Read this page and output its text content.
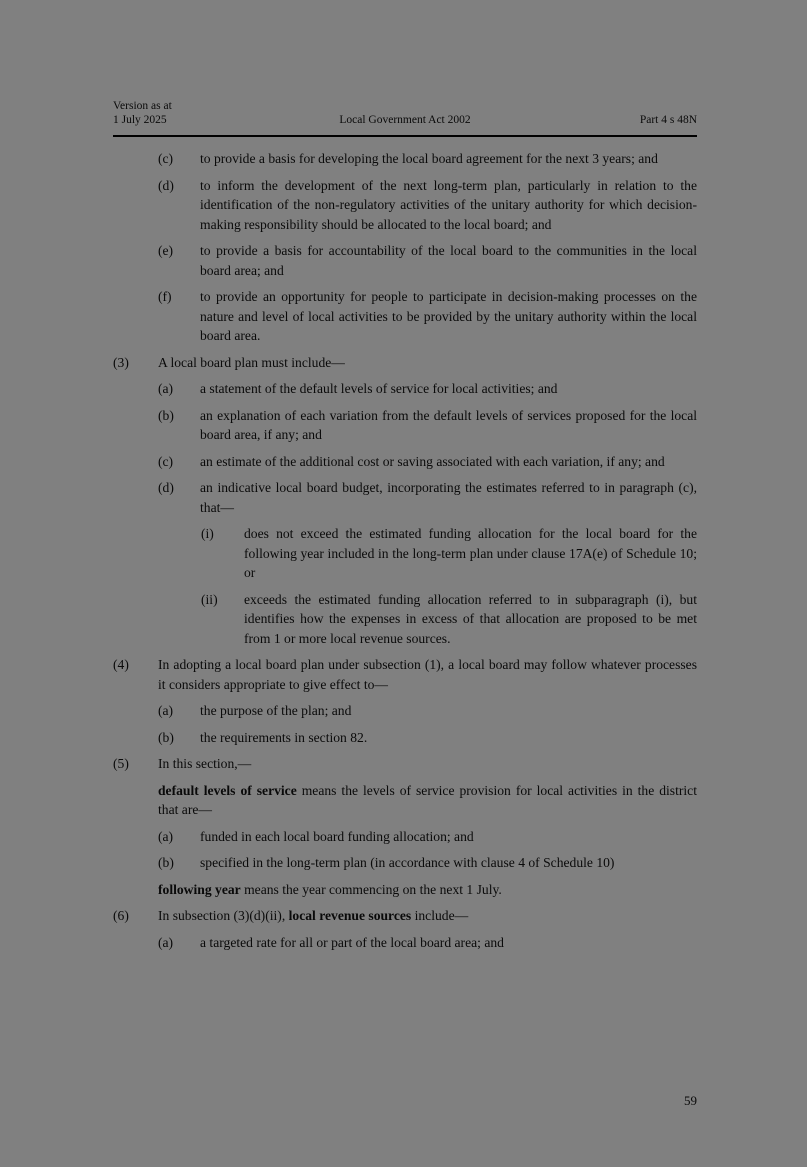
Version as at
1 July 2025	Local Government Act 2002	Part 4 s 48N
(c) to provide a basis for developing the local board agreement for the next 3 years; and
(d) to inform the development of the next long-term plan, particularly in relation to the identification of the non-regulatory activities of the unitary authority for which decision-making responsibility should be allocated to the local board; and
(e) to provide a basis for accountability of the local board to the communities in the local board area; and
(f) to provide an opportunity for people to participate in decision-making processes on the nature and level of local activities to be provided by the unitary authority within the local board area.
(3) A local board plan must include—
(a) a statement of the default levels of service for local activities; and
(b) an explanation of each variation from the default levels of services proposed for the local board area, if any; and
(c) an estimate of the additional cost or saving associated with each variation, if any; and
(d) an indicative local board budget, incorporating the estimates referred to in paragraph (c), that—
(i) does not exceed the estimated funding allocation for the local board for the following year included in the long-term plan under clause 17A(e) of Schedule 10; or
(ii) exceeds the estimated funding allocation referred to in subparagraph (i), but identifies how the expenses in excess of that allocation are proposed to be met from 1 or more local revenue sources.
(4) In adopting a local board plan under subsection (1), a local board may follow whatever processes it considers appropriate to give effect to—
(a) the purpose of the plan; and
(b) the requirements in section 82.
(5) In this section,—
default levels of service means the levels of service provision for local activities in the district that are—
(a) funded in each local board funding allocation; and
(b) specified in the long-term plan (in accordance with clause 4 of Schedule 10)
following year means the year commencing on the next 1 July.
(6) In subsection (3)(d)(ii), local revenue sources include—
(a) a targeted rate for all or part of the local board area; and
59
